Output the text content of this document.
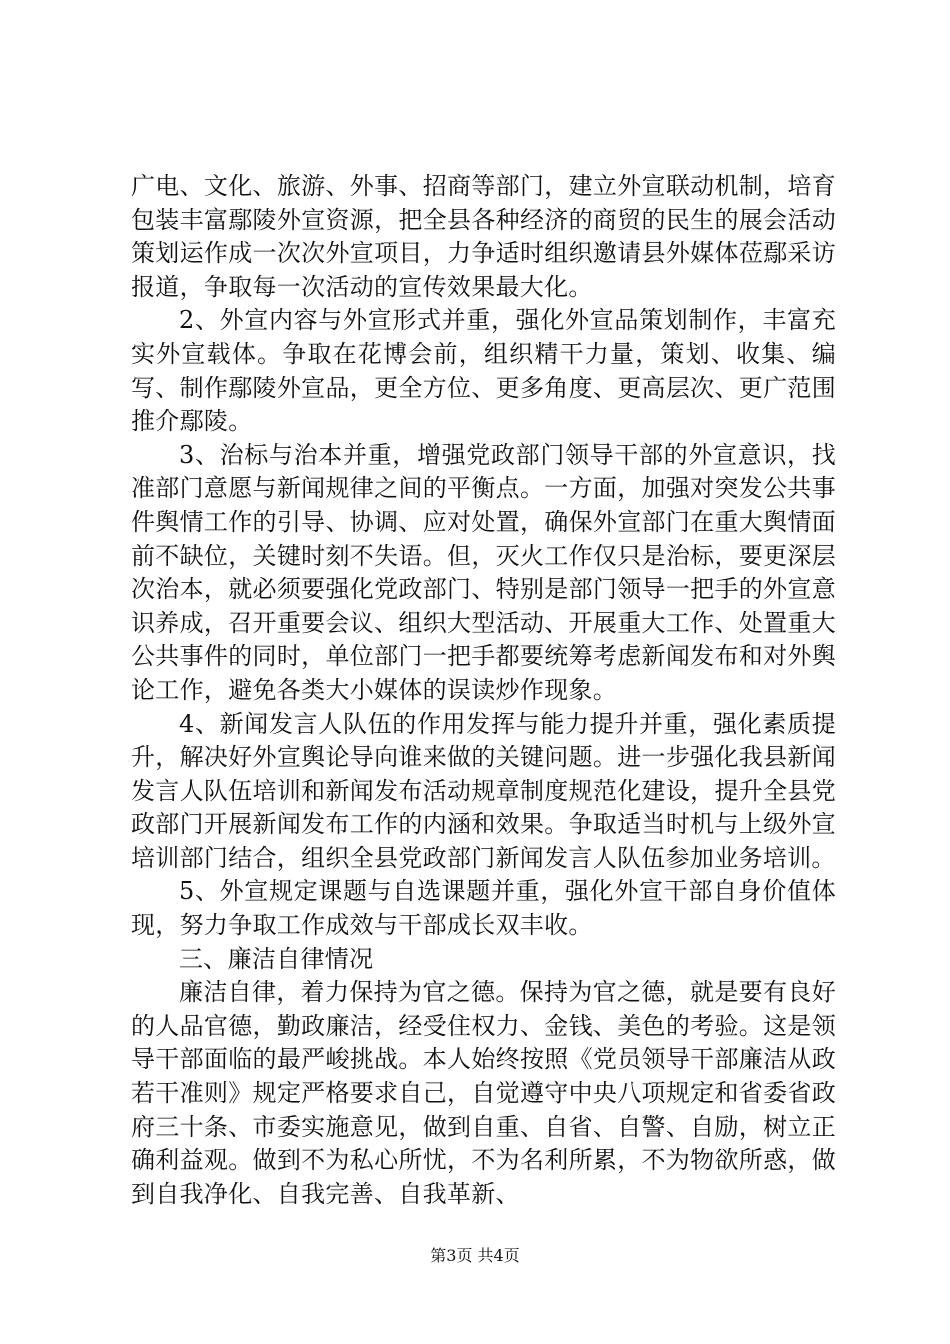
广电、文化、旅游、外事、招商等部门，建立外宣联动机制，培育包装丰富鄢陵外宣资源，把全县各种经济的商贸的民生的展会活动策划运作成一次次外宣项目，力争适时组织邀请县外媒体莅鄢采访报道，争取每一次活动的宣传效果最大化。

2、外宣内容与外宣形式并重，强化外宣品策划制作，丰富充实外宣载体。争取在花博会前，组织精干力量，策划、收集、编写、制作鄢陵外宣品，更全方位、更多角度、更高层次、更广范围推介鄢陵。

3、治标与治本并重，增强党政部门领导干部的外宣意识，找准部门意愿与新闻规律之间的平衡点。一方面，加强对突发公共事件舆情工作的引导、协调、应对处置，确保外宣部门在重大舆情面前不缺位，关键时刻不失语。但，灭火工作仅只是治标，要更深层次治本，就必须要强化党政部门、特别是部门领导一把手的外宣意识养成，召开重要会议、组织大型活动、开展重大工作、处置重大公共事件的同时，单位部门一把手都要统筹考虑新闻发布和对外舆论工作，避免各类大小媒体的误读炒作现象。

4、新闻发言人队伍的作用发挥与能力提升并重，强化素质提升，解决好外宣舆论导向谁来做的关键问题。进一步强化我县新闻发言人队伍培训和新闻发布活动规章制度规范化建设，提升全县党政部门开展新闻发布工作的内涵和效果。争取适当时机与上级外宣培训部门结合，组织全县党政部门新闻发言人队伍参加业务培训。

5、外宣规定课题与自选课题并重，强化外宣干部自身价值体现，努力争取工作成效与干部成长双丰收。

三、廉洁自律情况

廉洁自律，着力保持为官之德。保持为官之德，就是要有良好的人品官德，勤政廉洁，经受住权力、金钱、美色的考验。这是领导干部面临的最严峻挑战。本人始终按照《党员领导干部廉洁从政若干准则》规定严格要求自己，自觉遵守中央八项规定和省委省政府三十条、市委实施意见，做到自重、自省、自警、自励，树立正确利益观。做到不为私心所忧，不为名利所累，不为物欲所惑，做到自我净化、自我完善、自我革新、

第3页 共4页
